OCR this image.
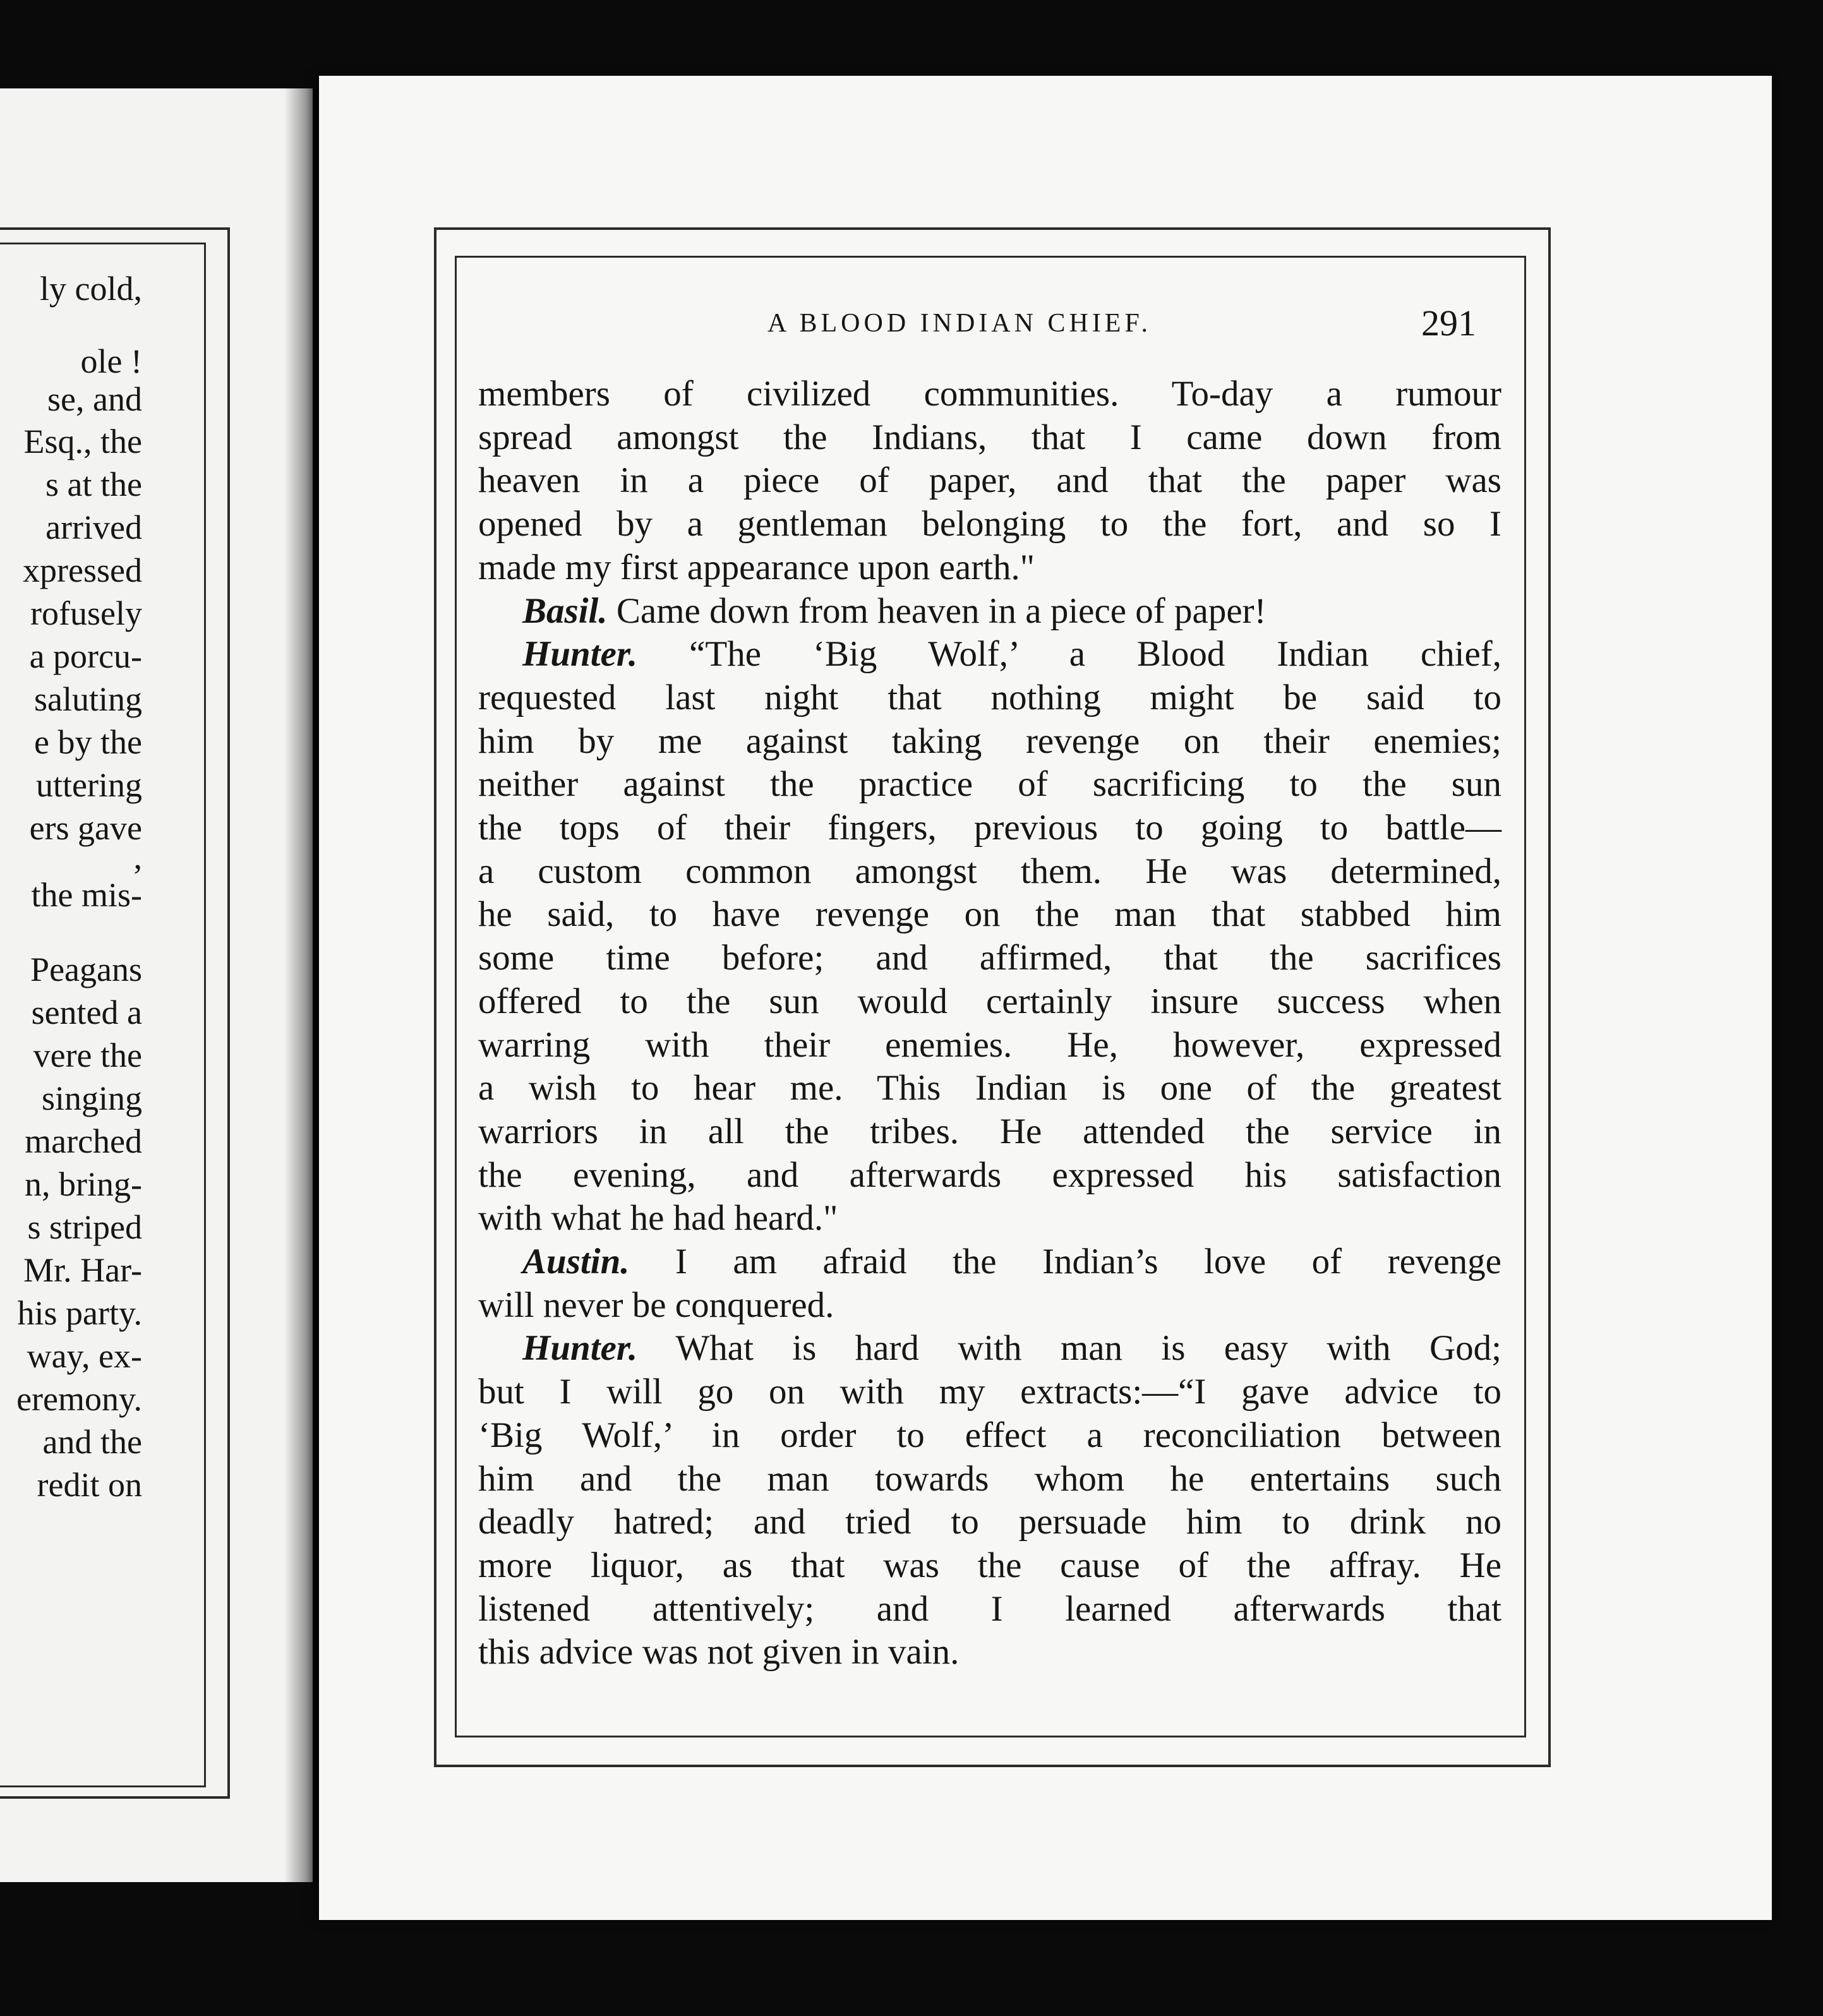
ly cold,
ole !
se, and
Esq., the
s at the
arrived
xpressed
rofusely
a porcu-
saluting
e by the
uttering
ers gave
,
the mis-
Peagans
sented a
vere the
singing
marched
n, bring-
s striped
Mr. Har-
his party.
way, ex-
eremony.
and the
redit on
A BLOOD INDIAN CHIEF.	291
members of civilized communities. To-day a rumour
spread amongst the Indians, that I came down from
heaven in a piece of paper, and that the paper was
opened by a gentleman belonging to the fort, and so I
made my first appearance upon earth."
Basil. Came down from heaven in a piece of paper!
Hunter. “The ‘Big Wolf,’ a Blood Indian chief,
requested last night that nothing might be said to
him by me against taking revenge on their enemies;
neither against the practice of sacrificing to the sun
the tops of their fingers, previous to going to battle—
a custom common amongst them. He was determined,
he said, to have revenge on the man that stabbed him
some time before; and affirmed, that the sacrifices
offered to the sun would certainly insure success when
warring with their enemies. He, however, expressed
a wish to hear me. This Indian is one of the greatest
warriors in all the tribes. He attended the service in
the evening, and afterwards expressed his satisfaction
with what he had heard."
Austin. I am afraid the Indian’s love of revenge
will never be conquered.
Hunter. What is hard with man is easy with God;
but I will go on with my extracts:—“I gave advice to
‘Big Wolf,’ in order to effect a reconciliation between
him and the man towards whom he entertains such
deadly hatred; and tried to persuade him to drink no
more liquor, as that was the cause of the affray. He
listened attentively; and I learned afterwards that
this advice was not given in vain.
